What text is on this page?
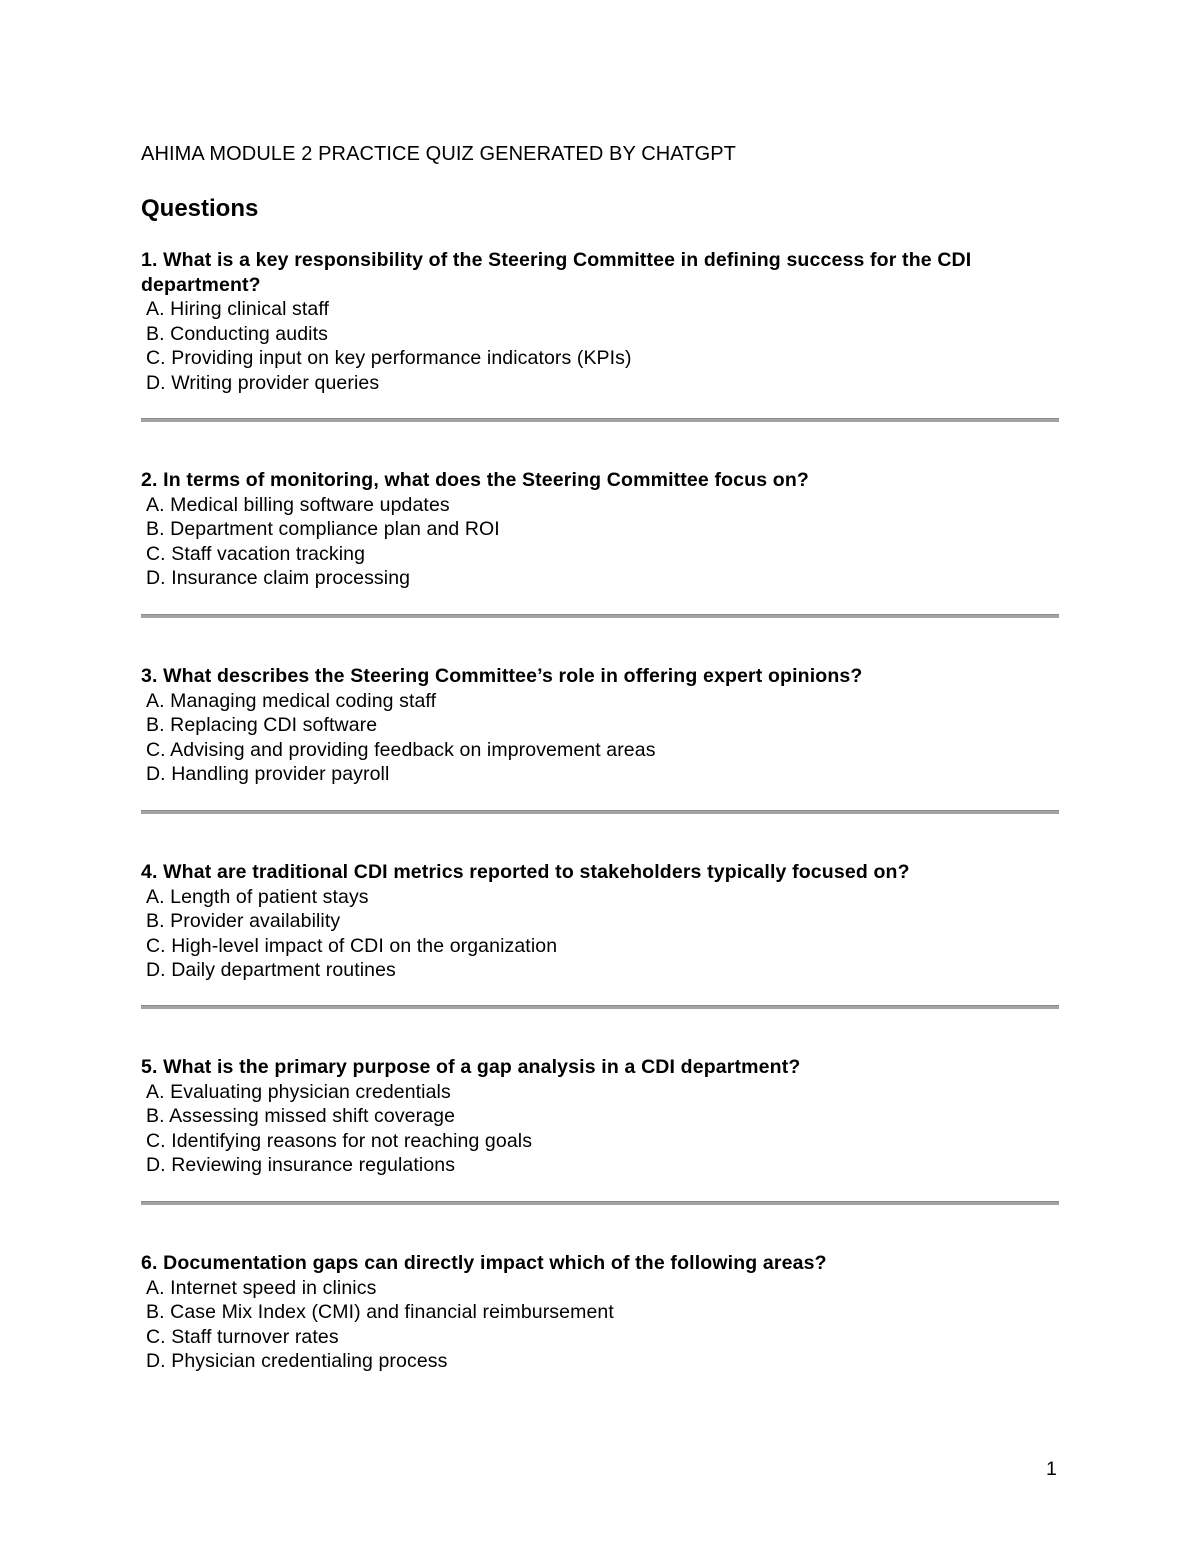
AHIMA MODULE 2 PRACTICE QUIZ GENERATED BY CHATGPT
Questions

1. What is a key responsibility of the Steering Committee in defining success for the CDI
department?

A. Hiring clinical staff

B. Conducting audits

C. Providing input on key performance indicators (KPIs)

D. Writing provider queries

2. In terms of monitoring, what does the Steering Committee focus on?

A. Medical billing software updates

B. Department compliance plan and ROI

C. Staff vacation tracking

D. Insurance claim processing

3. What describes the Steering Committee’s role in offering expert opinions?

A. Managing medical coding staff

B. Replacing CDI software

C. Advising and providing feedback on improvement areas

D. Handling provider payroll

4. What are traditional CDI metrics reported to stakeholders typically focused on?

A. Length of patient stays

B. Provider availability

C. High-level impact of CDI on the organization

D. Daily department routines

5. What is the primary purpose of a gap analysis in a CDI department?

A. Evaluating physician credentials

B. Assessing missed shift coverage

C. Identifying reasons for not reaching goals

D. Reviewing insurance regulations

6. Documentation gaps can directly impact which of the following areas?

A. Internet speed in clinics

B. Case Mix Index (CMI) and financial reimbursement

C. Staff turnover rates

D. Physician credentialing process

1
